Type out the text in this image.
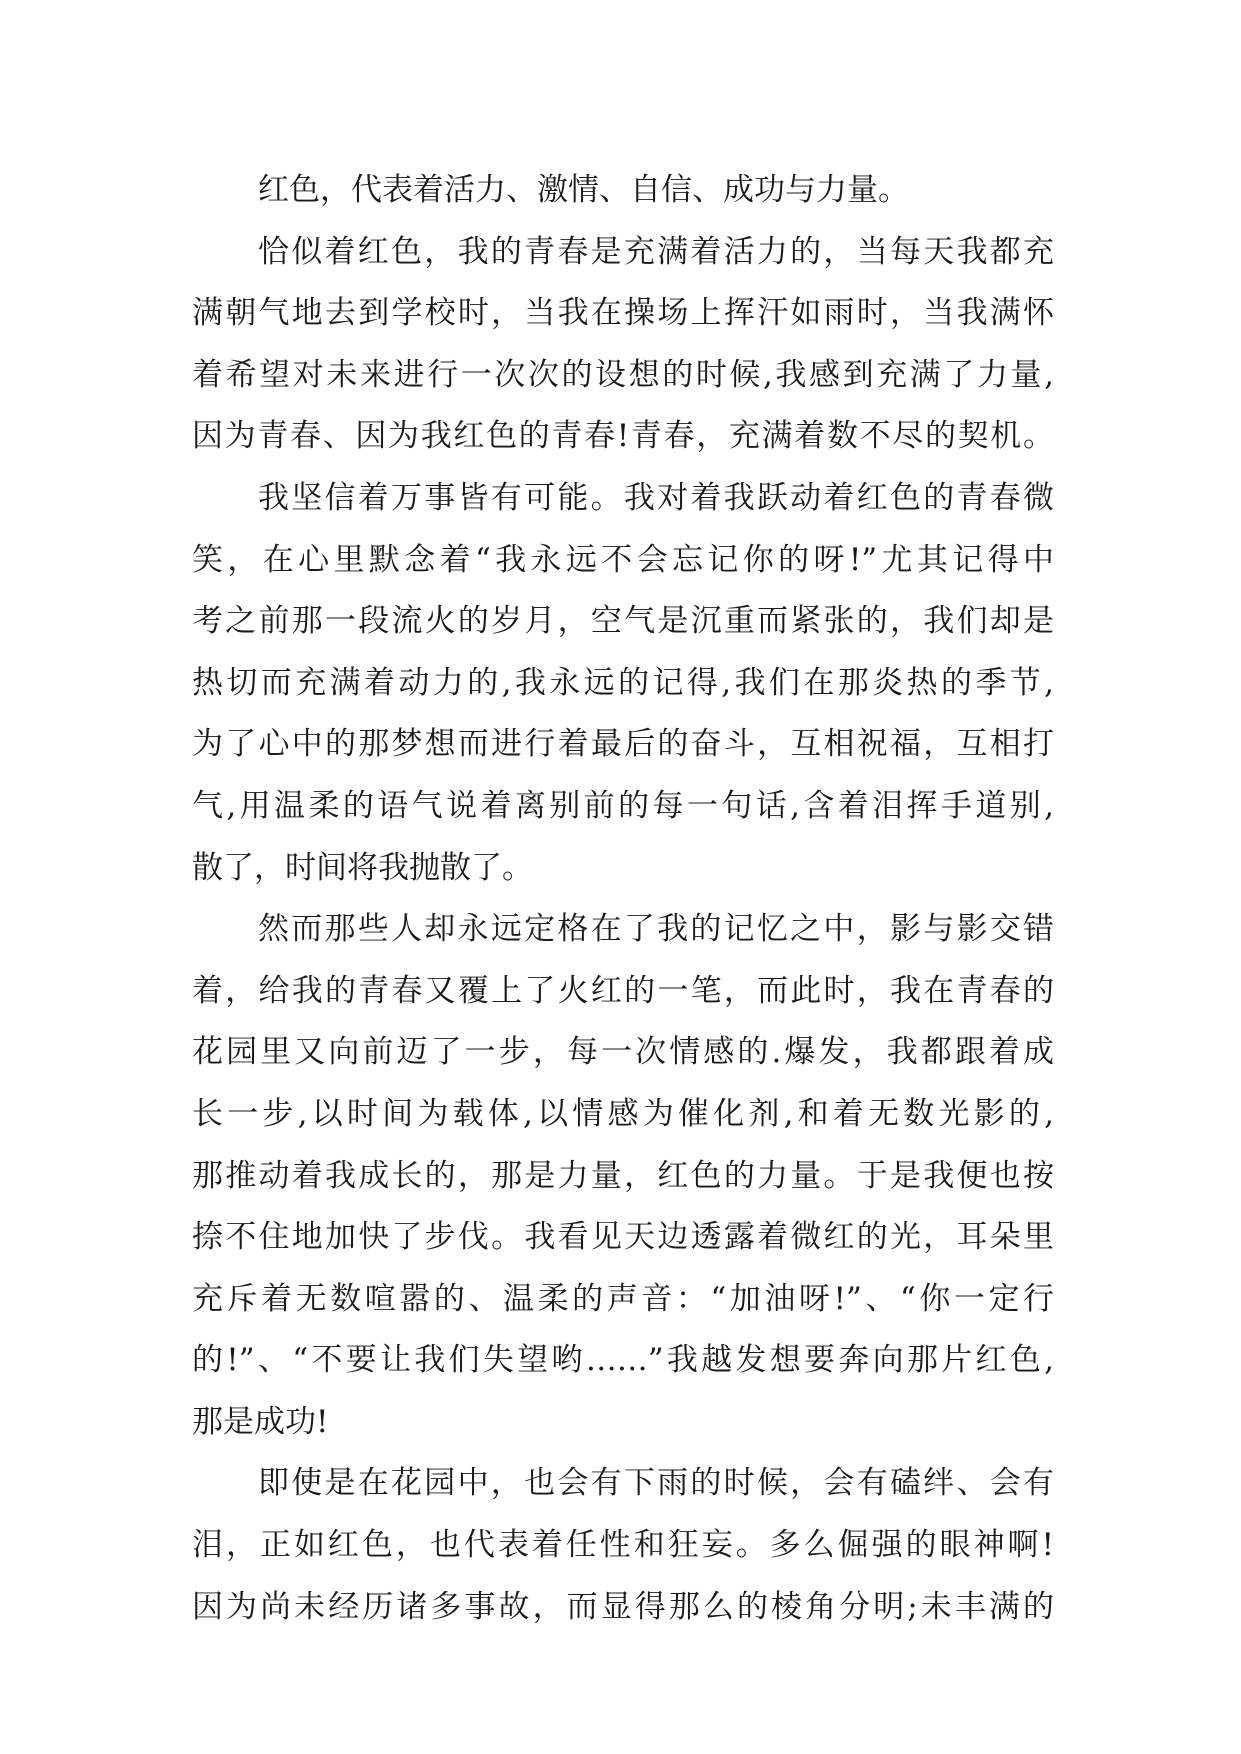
红色，代表着活力、激情、自信、成功与力量。
恰似着红色，我的青春是充满着活力的，当每天我都充
满朝气地去到学校时，当我在操场上挥汗如雨时，当我满怀
着希望对未来进行一次次的设想的时候,我感到充满了力量,
因为青春、因为我红色的青春!青春，充满着数不尽的契机。
我坚信着万事皆有可能。我对着我跃动着红色的青春微
笑，在心里默念着“我永远不会忘记你的呀!”尤其记得中
考之前那一段流火的岁月，空气是沉重而紧张的，我们却是
热切而充满着动力的,我永远的记得,我们在那炎热的季节,
为了心中的那梦想而进行着最后的奋斗，互相祝福，互相打
气,用温柔的语气说着离别前的每一句话,含着泪挥手道别,
散了，时间将我抛散了。
然而那些人却永远定格在了我的记忆之中，影与影交错
着，给我的青春又覆上了火红的一笔，而此时，我在青春的
花园里又向前迈了一步，每一次情感的.爆发，我都跟着成
长一步,以时间为载体,以情感为催化剂,和着无数光影的,
那推动着我成长的，那是力量，红色的力量。于是我便也按
捺不住地加快了步伐。我看见天边透露着微红的光，耳朵里
充斥着无数喧嚣的、温柔的声音：“加油呀!”、“你一定行
的!”、“不要让我们失望哟……”我越发想要奔向那片红色,
那是成功!
即使是在花园中，也会有下雨的时候，会有磕绊、会有
泪，正如红色，也代表着任性和狂妄。多么倔强的眼神啊!
因为尚未经历诸多事故，而显得那么的棱角分明;未丰满的
